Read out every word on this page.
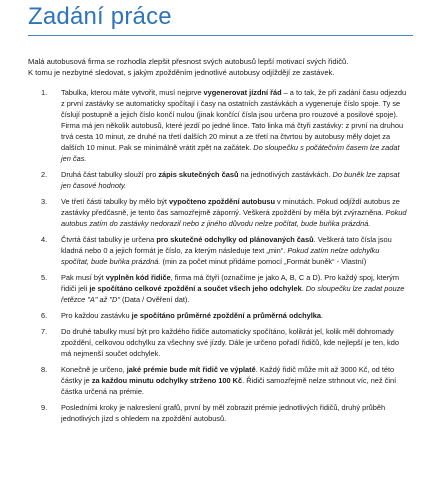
Zadání práce

Malá autobusová firma se rozhodla zlepšit přesnost svých autobusů lepší motivací svých řidičů.

K tomu je nezbytné sledovat, s jakým zpožděním jednotlivé autobusy odjíždějí ze zastávek.

1. Tabulka, kterou máte vytvořit, musí nejprve vygenerovat jízdní řád – a to tak, že při zadání času odjezdu z první zastávky se automaticky spočítají i časy na ostatních zastávkách a vygeneruje číslo spoje. Ty se číslují postupně a jejich číslo končí nulou (jinak končící čísla jsou určena pro rouzové a posilové spoje). Firma má jen několik autobusů, které jezdí po jedné lince. Tato linka má čtyři zastávky: z první na druhou trvá cesta 10 minut, ze druhé na třetí dalších 20 minut a ze třetí na čtvrtou by autobusy měly dojet za dalších 10 minut. Pak se minimálně vrátit zpět na začátek. Do sloupečku s počátečním časem lze zadat jen čas.
2. Druhá část tabulky slouží pro zápis skutečných časů na jednotlivých zastávkách. Do buněk lze zapsat jen časové hodnoty.
3. Ve třetí části tabulky by mělo být vypočteno zpoždění autobusu v minutách. Pokud odjíždí autobus ze zastávky předčasně, je tento čas samozřejmě záporný. Veškerá zpoždění by měla být zvýrazněna. Pokud autobus zatím do zastávky nedorazil nebo z jiného důvodu nelze počítat, bude buňka prázdná.
4. Čtvrtá část tabulky je určena pro skutečné odchylky od plánovaných časů. Veškerá tato čísla jsou kladná nebo 0 a jejich formát je číslo, za kterým následuje text „min“. Pokud zatím nelze odchylku spočítat, bude buňka prázdná. (min za počet minut přidáme pomocí „Formát buněk“ - Vlastní)
5. Pak musí být vyplněn kód řidiče, firma má čtyři (označíme je jako A, B, C a D). Pro každý spoj, kterým řidiči jeli je spočítáno celkové zpoždění a součet všech jeho odchylek. Do sloupečku lze zadat pouze řetězce "A" až "D" (Data / Ověření dat).
6. Pro každou zastávku je spočítáno průměrné zpoždění a průměrná odchylka.
7. Do druhé tabulky musí být pro každého řidiče automaticky spočítáno, kolikrát jel, kolik měl dohromady zpoždění, celkovou odchylku za všechny své jízdy. Dále je určeno pořadí řidičů, kde nejlepší je ten, kdo má nejmenší součet odchylek.
8. Konečně je určeno, jaké prémie bude mít řidič ve výplatě. Každý řidič může mít až 3000 Kč, od této částky je za každou minutu odchylky strženo 100 Kč. Řidiči samozřejmě nelze strhnout víc, než činí částka určená na prémie.
9. Posledními kroky je nakreslení grafů, první by měl zobrazit prémie jednotlivých řidičů, druhý průběh jednotlivých jízd s ohledem na zpoždění autobusů.
